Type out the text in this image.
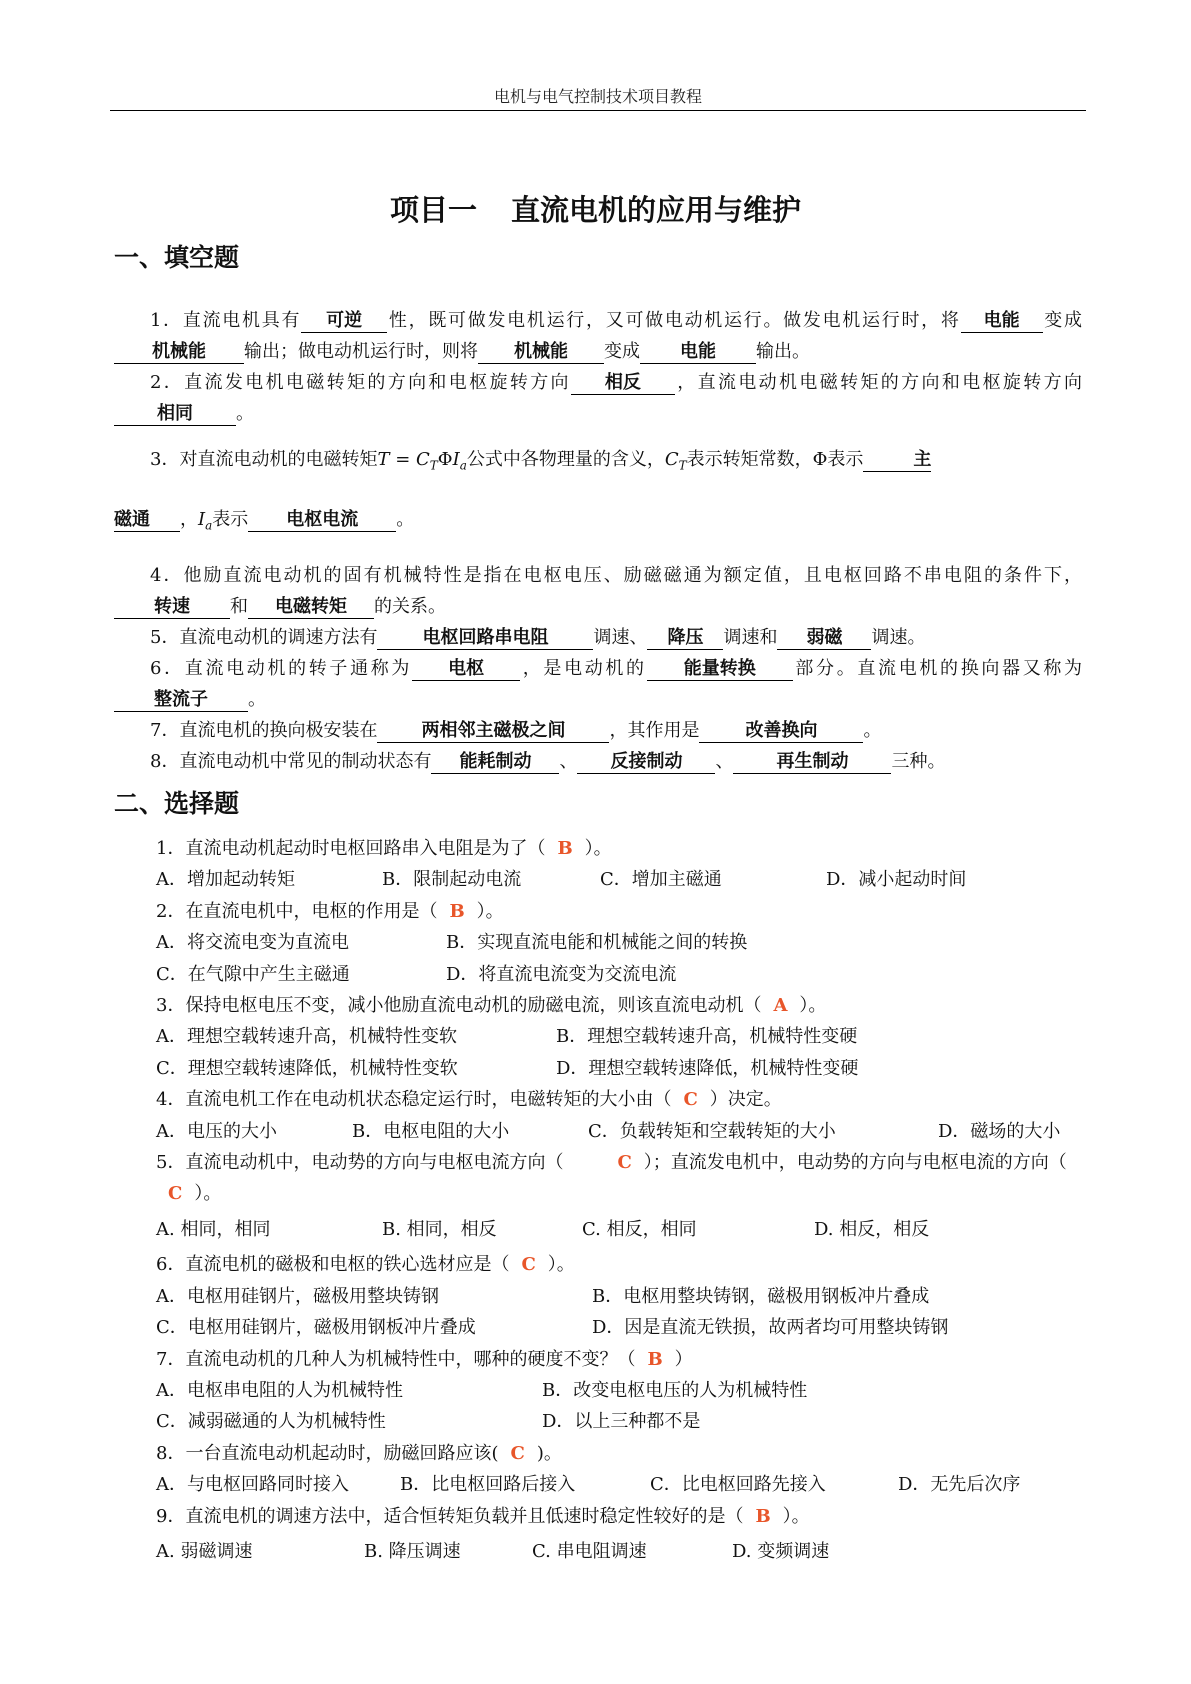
电机与电气控制技术项目教程
项目一 直流电机的应用与维护
一、填空题

1．直流电机具有 可逆 性，既可做发电机运行，又可做电动机运行。做发电机运行时，将 电能 变成机械能 输出；做电动机运行时，则将 机械能 变成 电能 输出。

2．直流发电机电磁转矩的方向和电枢旋转方向 相反 ，直流电动机电磁转矩的方向和电枢旋转方向相同 。

3．对直流电动机的电磁转矩$T = C_T\Phi I_a$公式中各物理量的含义，$C_T$表示转矩常数，Φ表示	主

磁通 ，$I_a$表示 电枢电流 。

4．他励直流电动机的固有机械特性是指在电枢电压、励磁磁通为额定值，且电枢回路不串电阻的条件下，转速 和 电磁转矩 的关系。

5．直流电动机的调速方法有	电枢回路串电阻	调速、 降压 调速和 弱磁 调速。

6．直流电动机的转子通称为 电枢 ，是电动机的 能量转换 部分。直流电机的换向器又称为整流子 。

7．直流电机的换向极安装在 两相邻主磁极之间 ，其作用是	改善换向	。

8．直流电动机中常见的制动状态有 能耗制动 、 反接制动 、 再生制动 三种。

二、选择题

1．直流电动机起动时电枢回路串入电阻是为了（ B ）。

A．增加起动转矩	B．限制起动电流	C．增加主磁通	D．减小起动时间

2．在直流电机中，电枢的作用是（ B ）。

A．将交流电变为直流电	B．实现直流电能和机械能之间的转换
C．在气隙中产生主磁通	D．将直流电流变为交流电流

3．保持电枢电压不变，减小他励直流电动机的励磁电流，则该直流电动机（ A ）。

A．理想空载转速升高，机械特性变软	B．理想空载转速升高，机械特性变硬
C．理想空载转速降低，机械特性变软	D．理想空载转速降低，机械特性变硬

4．直流电机工作在电动机状态稳定运行时，电磁转矩的大小由（ C ）决定。

A．电压的大小	B．电枢电阻的大小	C．负载转矩和空载转矩的大小	D．磁场的大小

5．直流电动机中，电动势的方向与电枢电流方向（	C ）；直流发电机中，电动势的方向与电枢电流的方向（C ）。

A. 相同，相同	B. 相同，相反	C. 相反，相同	D. 相反，相反

6．直流电机的磁极和电枢的铁心选材应是（ C ）。

A．电枢用硅钢片，磁极用整块铸钢	B．电枢用整块铸钢，磁极用钢板冲片叠成
C．电枢用硅钢片，磁极用钢板冲片叠成	D．因是直流无铁损，故两者均可用整块铸钢

7．直流电动机的几种人为机械特性中，哪种的硬度不变？（ B ）

A．电枢串电阻的人为机械特性	B．改变电枢电压的人为机械特性
C．减弱磁通的人为机械特性	D．以上三种都不是

8．一台直流电动机起动时，励磁回路应该( C )。

A．与电枢回路同时接入	B．比电枢回路后接入	C．比电枢回路先接入	D．无先后次序

9．直流电机的调速方法中，适合恒转矩负载并且低速时稳定性较好的是（ B ）。

A. 弱磁调速	B. 降压调速	C. 串电阻调速	D. 变频调速
